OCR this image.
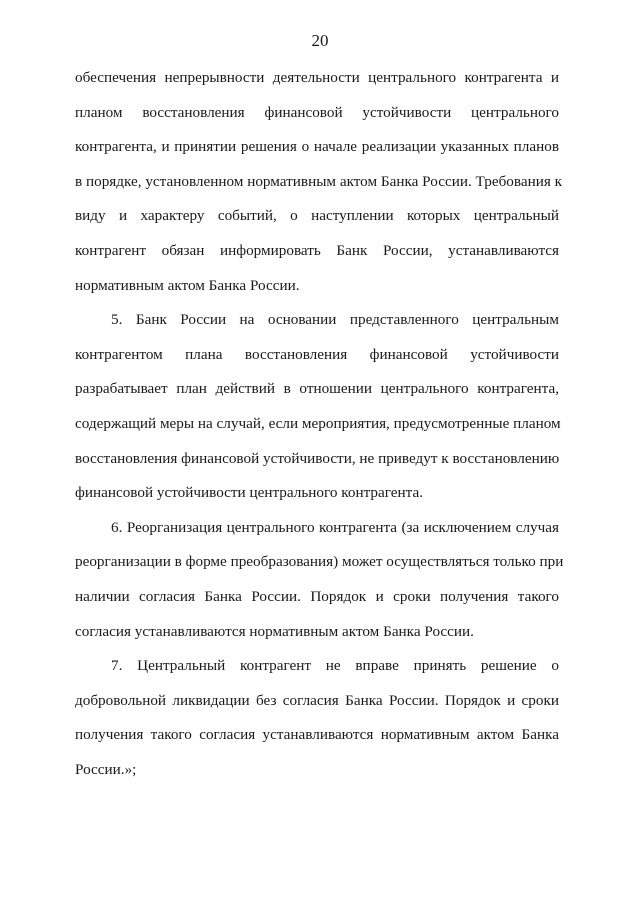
20
обеспечения непрерывности деятельности центрального контрагента и
планом восстановления финансовой устойчивости центрального
контрагента, и принятии решения о начале реализации указанных планов
в порядке, установленном нормативным актом Банка России. Требования к
виду и характеру событий, о наступлении которых центральный
контрагент обязан информировать Банк России, устанавливаются
нормативным актом Банка России.
5. Банк России на основании представленного центральным
контрагентом плана восстановления финансовой устойчивости
разрабатывает план действий в отношении центрального контрагента,
содержащий меры на случай, если мероприятия, предусмотренные планом
восстановления финансовой устойчивости, не приведут к восстановлению
финансовой устойчивости центрального контрагента.
6. Реорганизация центрального контрагента (за исключением случая
реорганизации в форме преобразования) может осуществляться только при
наличии согласия Банка России. Порядок и сроки получения такого
согласия устанавливаются нормативным актом Банка России.
7. Центральный контрагент не вправе принять решение о
добровольной ликвидации без согласия Банка России. Порядок и сроки
получения такого согласия устанавливаются нормативным актом Банка
России.»;
